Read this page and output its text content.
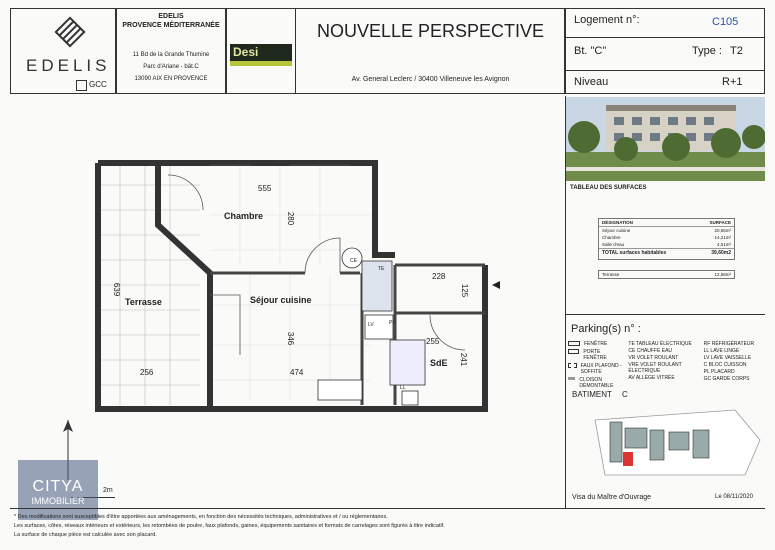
EDELIS
GCC
EDELIS
PROVENCE MÉDITERRANÉE
11 Bd de la Grande Thumine
Parc d'Ariane - bât.C
13090 AIX EN PROVENCE
Desi
NOUVELLE PERSPECTIVE
Av. General Leclerc / 30400 Villeneuve les Avignon
Logement n°:	C105
Bt. "C"	Type : T2
Niveau	R+1
TABLEAU DES SURFACES
DÉSIGNATION	SURFACE
Séjour cuisine	20,65m²
Chambre	14,21m²
Salle d'eau	4,51m²
TOTAL surfaces habitables	39,60m2
Terrasse	12,58m²
Parking(s) n° :
Chambre
Séjour cuisine
Terrasse
SdE
555
280
228
125
639
346	255
241
256	474
CE
TE
PL
LV
LL
2m
CITYA
IMMOBILIER
FENÊTRE
PORTE FENÊTRE
FAUX PLAFOND - SOFFITE
CLOISON DÉMONTABLE
TE TABLEAU ÉLECTRIQUE
CE CHAUFFE EAU
VR VOLET ROULANT
VRE VOLET ROULANT ÉLECTRIQUE
AV ALLÈGE VITRÉE
RF RÉFRIGÉRATEUR
LL LAVE LINGE
LV LAVE VAISSELLE
C BLOC CUISSON
PL PLACARD
GC GARDE CORPS
BATIMENT C
Visa du Maître d'Ouvrage	Le 08/11/2020
* Des modifications sont susceptibles d'être apportées aux aménagements, en fonction des nécessités techniques, administratives et / ou réglementaires.
Les surfaces, côtes, réseaux intérieurs et extérieurs, les retombées de poutre, faux plafonds, gaines, équipements sanitaires et formats de carrelages sont figurés à titre indicatif.
La surface de chaque pièce est calculée avec son placard.
